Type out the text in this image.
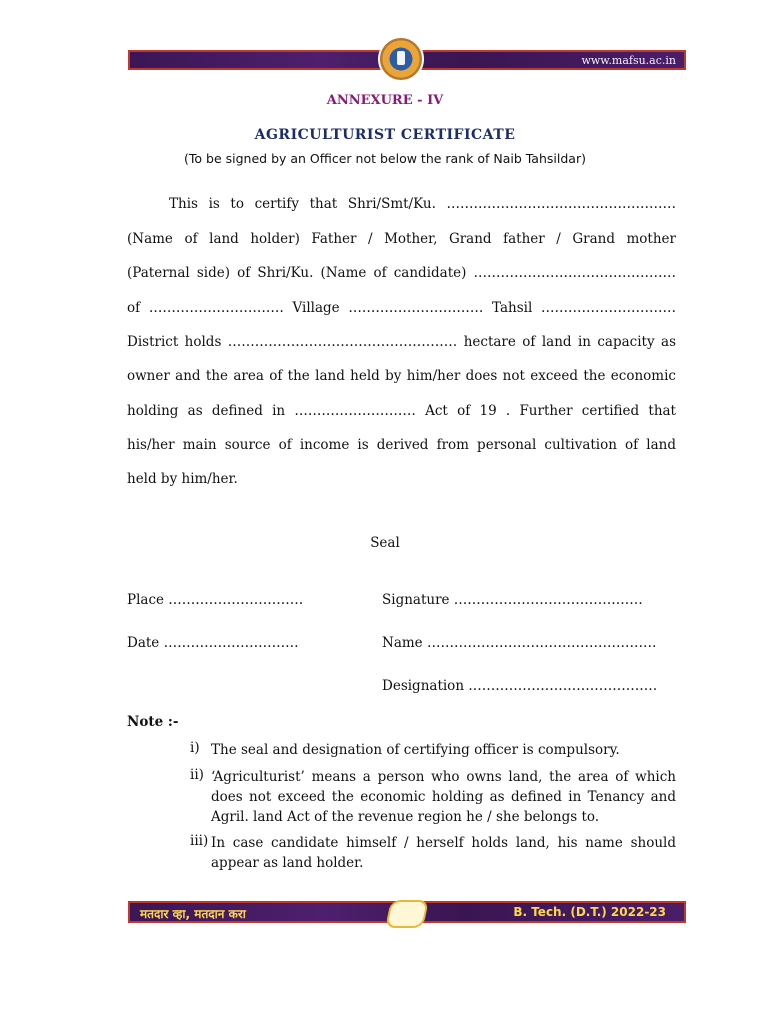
www.mafsu.ac.in
ANNEXURE - IV
AGRICULTURIST CERTIFICATE
(To be signed by an Officer not below the rank of Naib Tahsildar)
This is to certify that Shri/Smt/Ku. ……………………………………………
(Name of land holder) Father / Mother, Grand father / Grand mother
(Paternal side) of Shri/Ku. (Name of candidate) ………………………………………
of ………………………… Village ………………………… Tahsil …………………………
District holds …………………………………………… hectare of land in capacity as
owner and the area of the land held by him/her does not exceed the economic
holding as defined in ……………………… Act of 19 . Further certified that
his/her main source of income is derived from personal cultivation of land
held by him/her.
Seal
Place …………………………	Signature ……………………………………
Date …………………………	Name ……………………………………………
Designation ……………………………………
Note :-
i) The seal and designation of certifying officer is compulsory.
ii) ‘Agriculturist’ means a person who owns land, the area of which does not exceed the economic holding as defined in Tenancy and Agril. land Act of the revenue region he / she belongs to.
iii) In case candidate himself / herself holds land, his name should appear as land holder.
मतदार व्हा, मतदान करा	B. Tech. (D.T.) 2022-23
